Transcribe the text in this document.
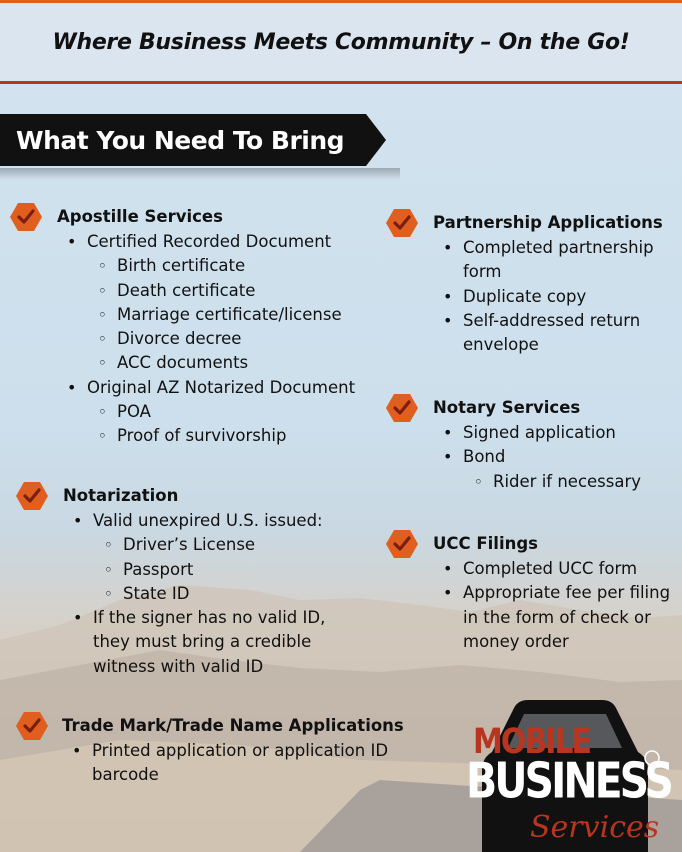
Where Business Meets Community – On the Go!
What You Need To Bring
Apostille Services
• Certified Recorded Document
◦ Birth certificate
◦ Death certificate
◦ Marriage certificate/license
◦ Divorce decree
◦ ACC documents
• Original AZ Notarized Document
◦ POA
◦ Proof of survivorship
Notarization
• Valid unexpired U.S. issued:
◦ Driver’s License
◦ Passport
◦ State ID
• If the signer has no valid ID, they must bring a credible witness with valid ID
Trade Mark/Trade Name Applications
• Printed application or application ID barcode
Partnership Applications
• Completed partnership form
• Duplicate copy
• Self-addressed return envelope
Notary Services
• Signed application
• Bond
◦ Rider if necessary
UCC Filings
• Completed UCC form
• Appropriate fee per filing in the form of check or money order
MOBILE
BUSINESS
Services
